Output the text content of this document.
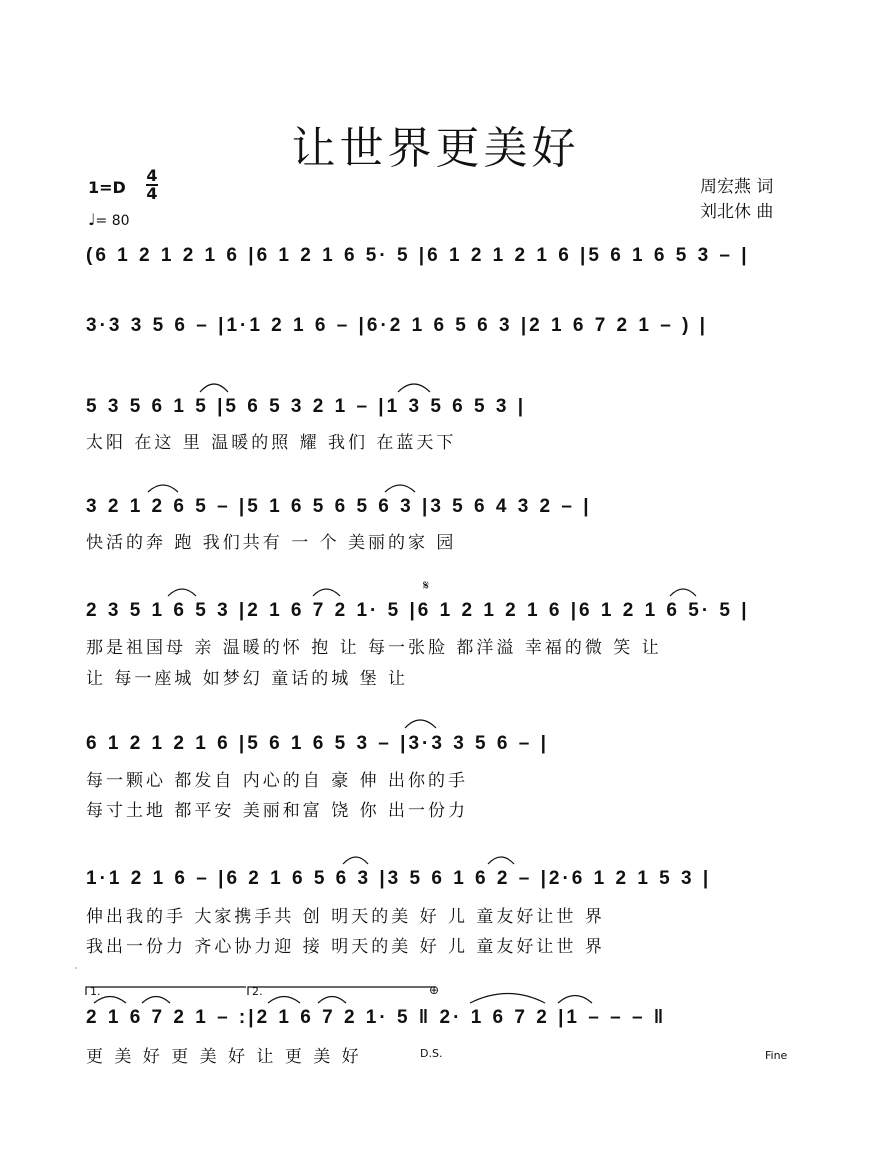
让世界更美好
1=D
4
4
♩= 80
周宏燕 词
刘北休 曲
(6 1 2 1 2 1 6 |6 1 2 1 6 5· 5 |6 1 2 1 2 1 6 |5 6 1 6 5 3 – |
3·3 3 5 6 – |1·1 2 1 6 – |6·2 1 6 5 6 3 |2 1 6 7 2 1 – ) |
5 3 5 6 1 5 |5 6 5 3 2 1 – |1 3 5 6 5 3 |
太阳 在这 里 温暖的照 耀 我们 在蓝天下
3 2 1 2 6 5 – |5 1 6 5 6 5 6 3 |3 5 6 4 3 2 – |
快活的奔 跑 我们共有 一 个 美丽的家 园
2 3 5 1 6 5 3 |2 1 6 7 2 1· 5 |6 1 2 1 2 1 6 |6 1 2 1 6 5· 5 |
那是祖国母 亲 温暖的怀 抱 让 每一张脸 都洋溢 幸福的微 笑 让
让 每一座城 如梦幻 童话的城 堡 让
6 1 2 1 2 1 6 |5 6 1 6 5 3 – |3·3 3 5 6 – |
每一颗心 都发自 内心的自 豪 伸 出你的手
每寸土地 都平安 美丽和富 饶 你 出一份力
1·1 2 1 6 – |6 2 1 6 5 6 3 |3 5 6 1 6 2 – |2·6 1 2 1 5 3 |
伸出我的手 大家携手共 创 明天的美 好 儿 童友好让世 界
我出一份力 齐心协力迎 接 明天的美 好 儿 童友好让世 界
2 1 6 7 2 1 – :|2 1 6 7 2 1· 5 ‖ 2· 1 6 7 2 |1 – – – ‖
更 美 好 更 美 好 让 更 美 好
𝄋
1.	2.	⊕
D.S.	Fine
